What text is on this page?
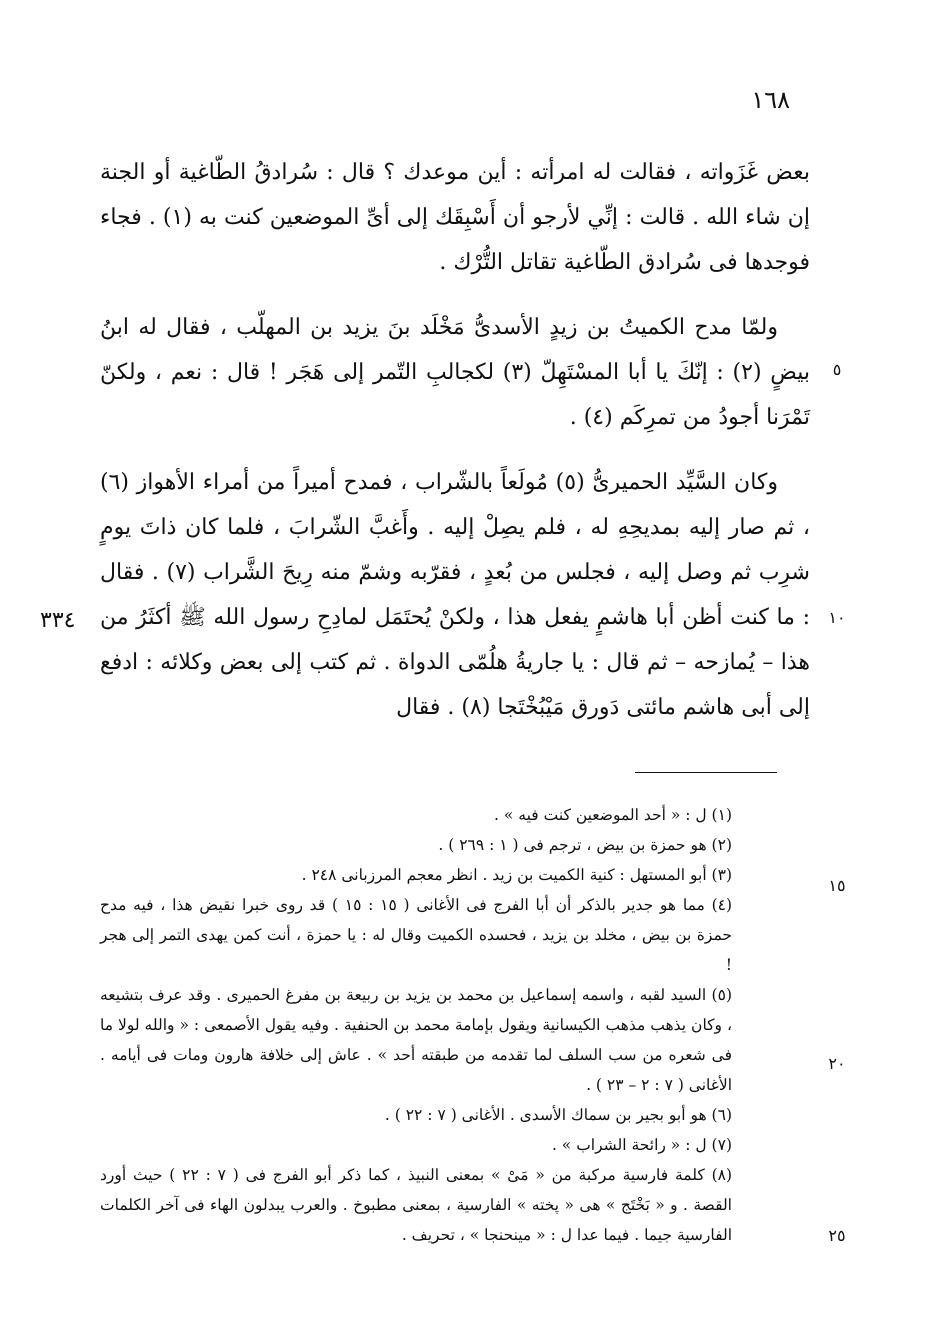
١٦٨

بعض غَزَواته ، فقالت له امرأته : أين موعدك ؟ قال : سُرادقُ الطّاغية أو الجنة إن شاء الله . قالت : إنِّي لأرجو أن أَسْبِقَك إلى أىِّ الموضعين كنت به (١) . فجاء فوجدها فى سُرادق الطّاغية تقاتل التُّرْك .

ولمّا مدح الكميتُ بن زيدٍ الأسدىُّ مَخْلَد بنَ يزيد بن المهلّب ، فقال له ابنُ بيضٍ (٢) : إنّكَ يا أبا المسْتَهِلّ (٣) لكجالبِ التّمر إلى هَجَر ! قال : نعم ، ولكنّ تَمْرَنا أجودُ من تمرِكَم (٤) .

وكان السَّيِّد الحميرىُّ (٥) مُولَعاً بالشّراب ، فمدح أميراً من أمراء الأهواز (٦) ، ثم صار إليه بمديحِهِ له ، فلم يصِلْ إليه . وأَغبَّ الشّرابَ ، فلما كان ذاتَ يومٍ شرِب ثم وصل إليه ، فجلس من بُعدٍ ، فقرّبه وشمّ منه رِيحَ الشَّراب (٧) . فقال : ما كنت أظن أبا هاشمٍ يفعل هذا ، ولكنْ يُحتَمَل لمادِحِ رسول الله ﷺ أكثَرُ من هذا – يُمازحه – ثم قال : يا جاريةُ هلُمّى الدواة . ثم كتب إلى بعض وكلائه : ادفع إلى أبى هاشم مائتى دَورق مَيْبُخْتَجا (٨) . فقال

٥
١٠
١٥
٢٠
٢٥
٣٣٤

(١) ل : « أحد الموضعين كنت فيه » .

(٢) هو حمزة بن بيض ، ترجم فى ( ١ : ٢٦٩ ) .

(٣) أبو المستهل : كنية الكميت بن زيد . انظر معجم المرزبانى ٢٤٨ .

(٤) مما هو جدير بالذكر أن أبا الفرج فى الأغانى ( ١٥ : ١٥ ) قد روى خبرا نقيض هذا ، فيه مدح حمزة بن بيض ، مخلد بن يزيد ، فحسده الكميت وقال له : يا حمزة ، أنت كمن يهدى التمر إلى هجر !

(٥) السيد لقبه ، واسمه إسماعيل بن محمد بن يزيد بن ربيعة بن مفرغ الحميرى . وقد عرف بتشيعه ، وكان يذهب مذهب الكيسانية ويقول بإمامة محمد بن الحنفية . وفيه يقول الأصمعى : « والله لولا ما فى شعره من سب السلف لما تقدمه من طبقته أحد » . عاش إلى خلافة هارون ومات فى أيامه . الأغانى ( ٧ : ٢ – ٢٣ ) .

(٦) هو أبو بجير بن سماك الأسدى . الأغانى ( ٧ : ٢٢ ) .

(٧) ل : « رائحة الشراب » .

(٨) كلمة فارسية مركبة من « مَىْ » بمعنى النبيذ ، كما ذكر أبو الفرج فى ( ٧ : ٢٢ ) حيث أورد القصة . و « بَخْتَج » هى « پخته » الفارسية ، بمعنى مطبوخ . والعرب يبدلون الهاء فى آخر الكلمات الفارسية جيما . فيما عدا ل : « مينحنجا » ، تحريف .
